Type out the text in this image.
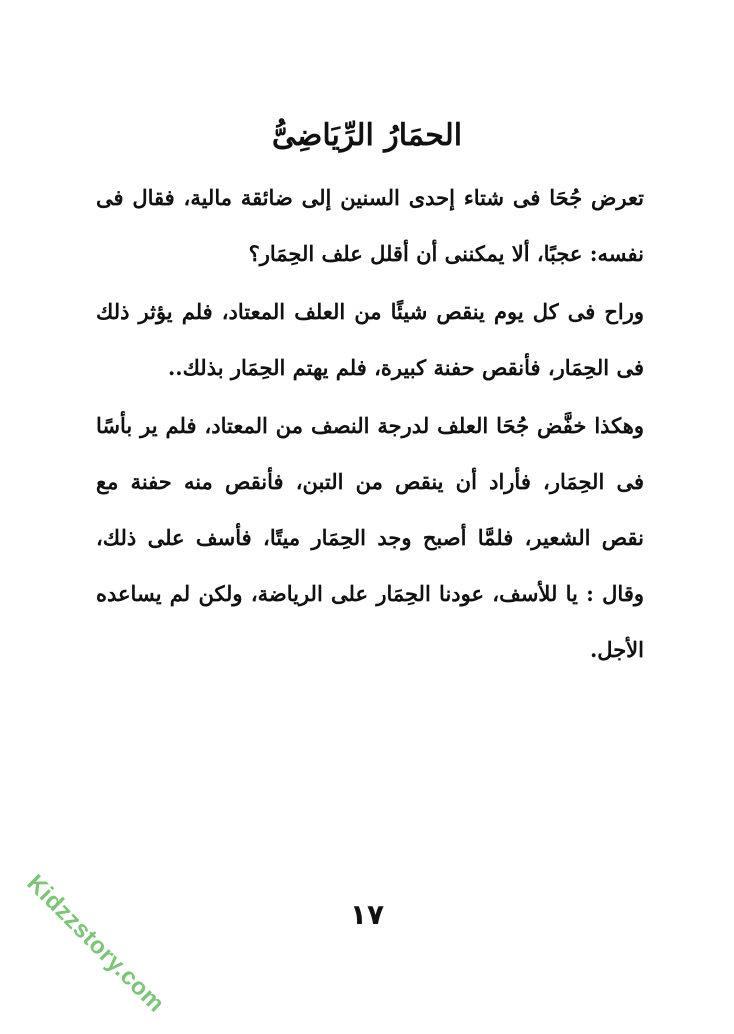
الحمَارُ الرِّيَاضِىُّ

تعرض جُحَا فى شتاء إحدى السنين إلى ضائقة مالية، فقال فى نفسه: عجبًا، ألا يمكننى أن أقلل علف الحِمَار؟

وراح فى كل يوم ينقص شيئًا من العلف المعتاد، فلم يؤثر ذلك فى الحِمَار، فأنقص حفنة كبيرة، فلم يهتم الحِمَار بذلك..

وهكذا خفَّض جُحَا العلف لدرجة النصف من المعتاد، فلم ير بأسًا فى الحِمَار، فأراد أن ينقص من التبن، فأنقص منه حفنة مع نقص الشعير، فلمَّا أصبح وجد الحِمَار ميتًا، فأسف على ذلك، وقال : يا للأسف، عودنا الحِمَار على الرياضة، ولكن لم يساعده الأجل.

١٧
Kidzzstory.com
